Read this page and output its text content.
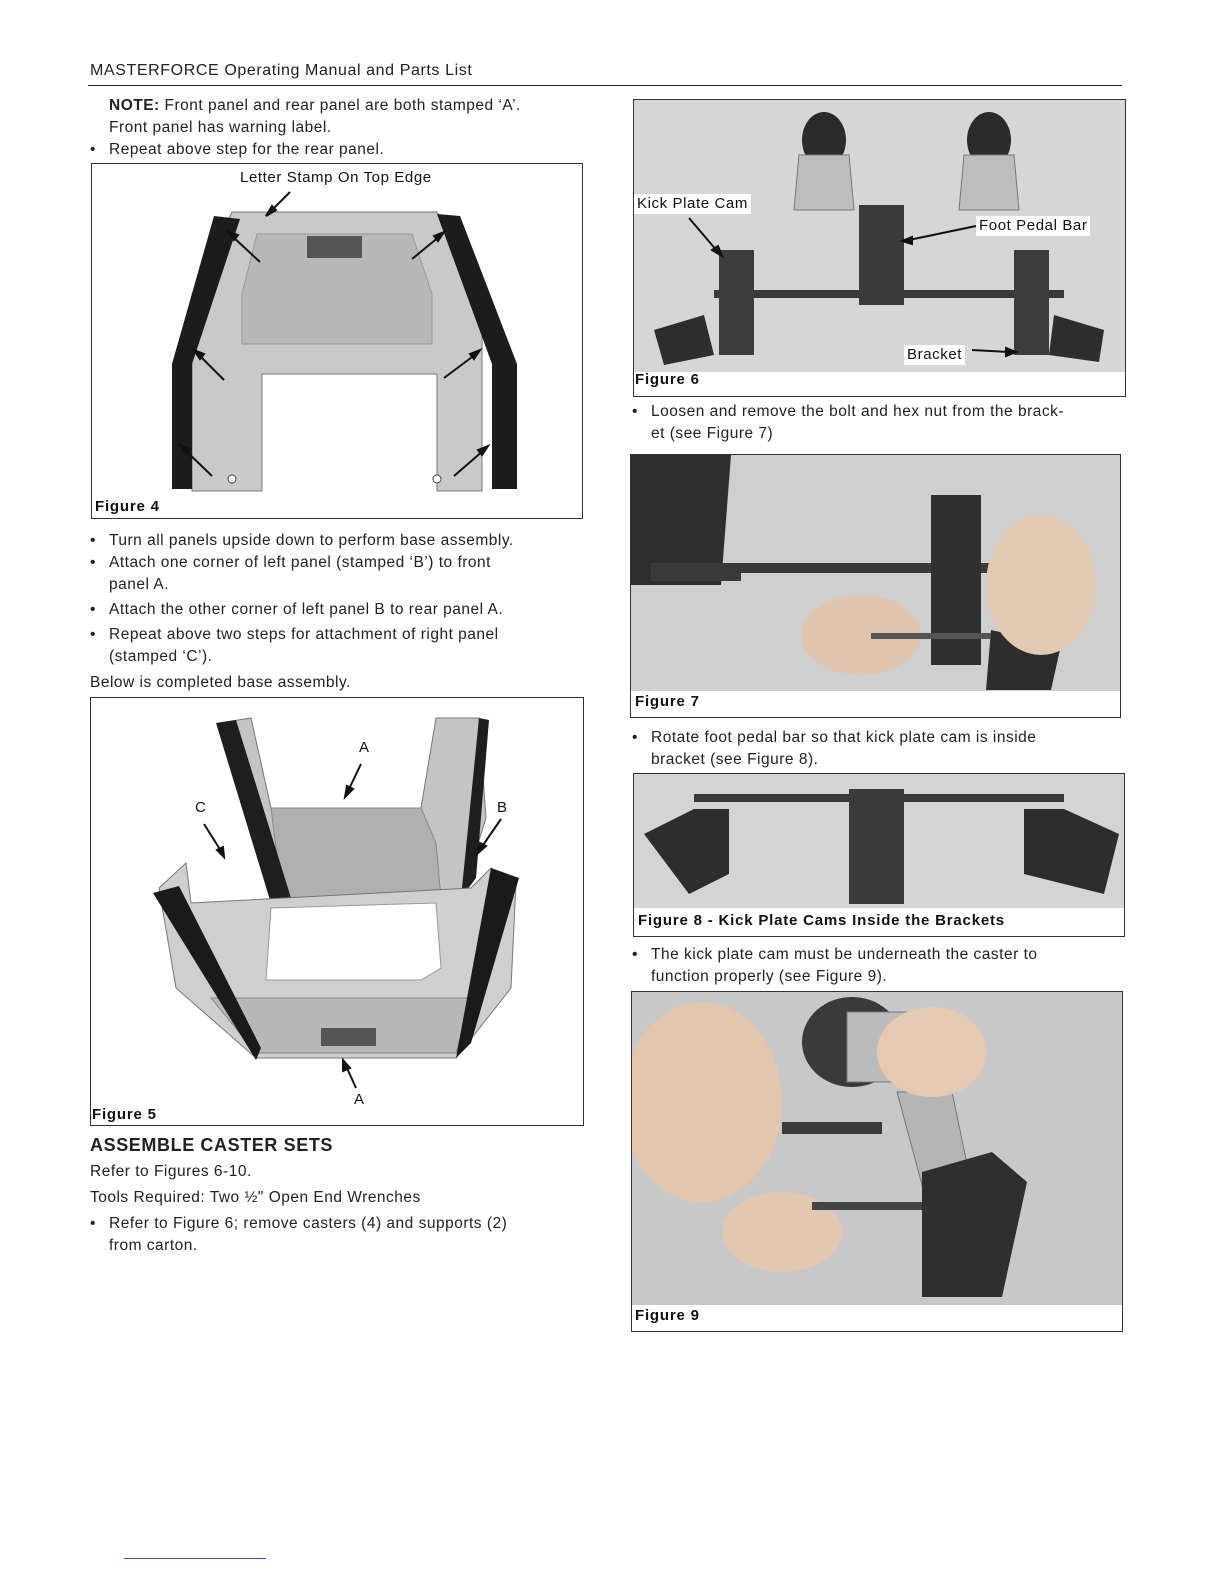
MASTERFORCE Operating Manual and Parts List
NOTE: Front panel and rear panel are both stamped ‘A’.
Front panel has warning label.
• Repeat above step for the rear panel.
Letter Stamp On Top Edge
Figure 4
• Turn all panels upside down to perform base assembly.
• Attach one corner of left panel (stamped ‘B’) to front
panel A.
• Attach the other corner of left panel B to rear panel A.
• Repeat above two steps for attachment of right panel
(stamped ‘C’).
Below is completed base assembly.
A
C	B
A
Figure 5
ASSEMBLE CASTER SETS
Refer to Figures 6-10.
Tools Required: Two ½" Open End Wrenches
• Refer to Figure 6; remove casters (4) and supports (2)
from carton.
Kick Plate Cam
Foot Pedal Bar
Bracket
Figure 6
• Loosen and remove the bolt and hex nut from the brack-
et (see Figure 7)
Figure 7
• Rotate foot pedal bar so that kick plate cam is inside
bracket (see Figure 8).
Figure 8 - Kick Plate Cams Inside the Brackets
• The kick plate cam must be underneath the caster to
function properly (see Figure 9).
Figure 9
